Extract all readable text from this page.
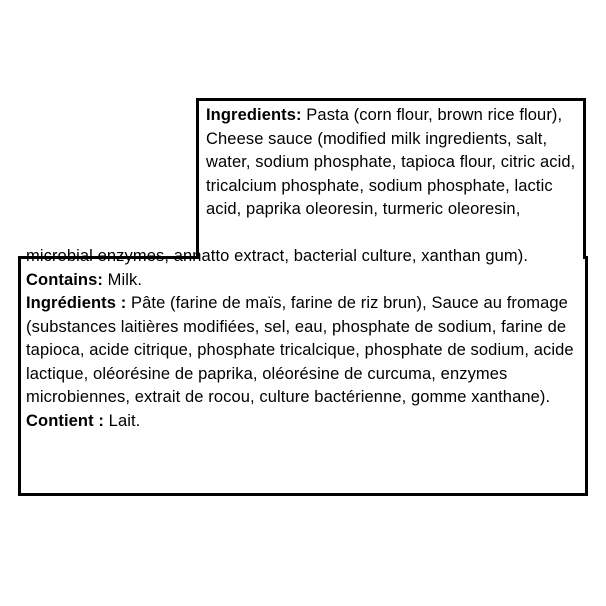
Ingredients: Pasta (corn flour, brown rice flour), Cheese sauce (modified milk ingredients, salt, water, sodium phosphate, tapioca flour, citric acid, tricalcium phosphate, sodium phosphate, lactic acid, paprika oleoresin, turmeric oleoresin,

microbial enzymes, annatto extract, bacterial culture, xanthan gum).

Contains: Milk.

Ingrédients : Pâte (farine de maïs, farine de riz brun), Sauce au fromage (substances laitières modifiées, sel, eau, phosphate de sodium, farine de tapioca, acide citrique, phosphate tricalcique, phosphate de sodium, acide lactique, oléorésine de paprika, oléorésine de curcuma, enzymes microbiennes, extrait de rocou, culture bactérienne, gomme xanthane).

Contient : Lait.
